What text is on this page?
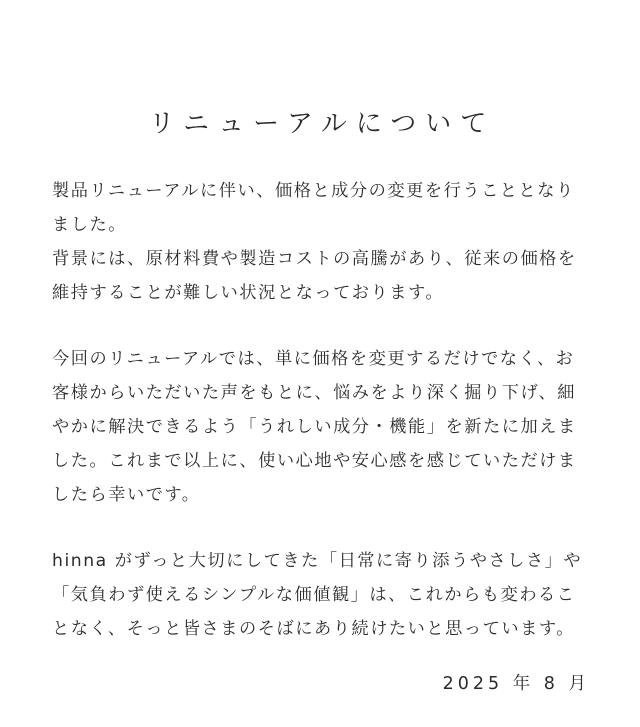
リニューアルについて

製品リニューアルに伴い、価格と成分の変更を行うこととなり
ました。
背景には、原材料費や製造コストの高騰があり、従来の価格を
維持することが難しい状況となっております。

今回のリニューアルでは、単に価格を変更するだけでなく、お
客様からいただいた声をもとに、悩みをより深く掘り下げ、細
やかに解決できるよう「うれしい成分・機能」を新たに加えま
した。これまで以上に、使い心地や安心感を感じていただけま
したら幸いです。

hinna がずっと大切にしてきた「日常に寄り添うやさしさ」や
「気負わず使えるシンプルな価値観」は、これからも変わるこ
となく、そっと皆さまのそばにあり続けたいと思っています。

2025 年 8 月
